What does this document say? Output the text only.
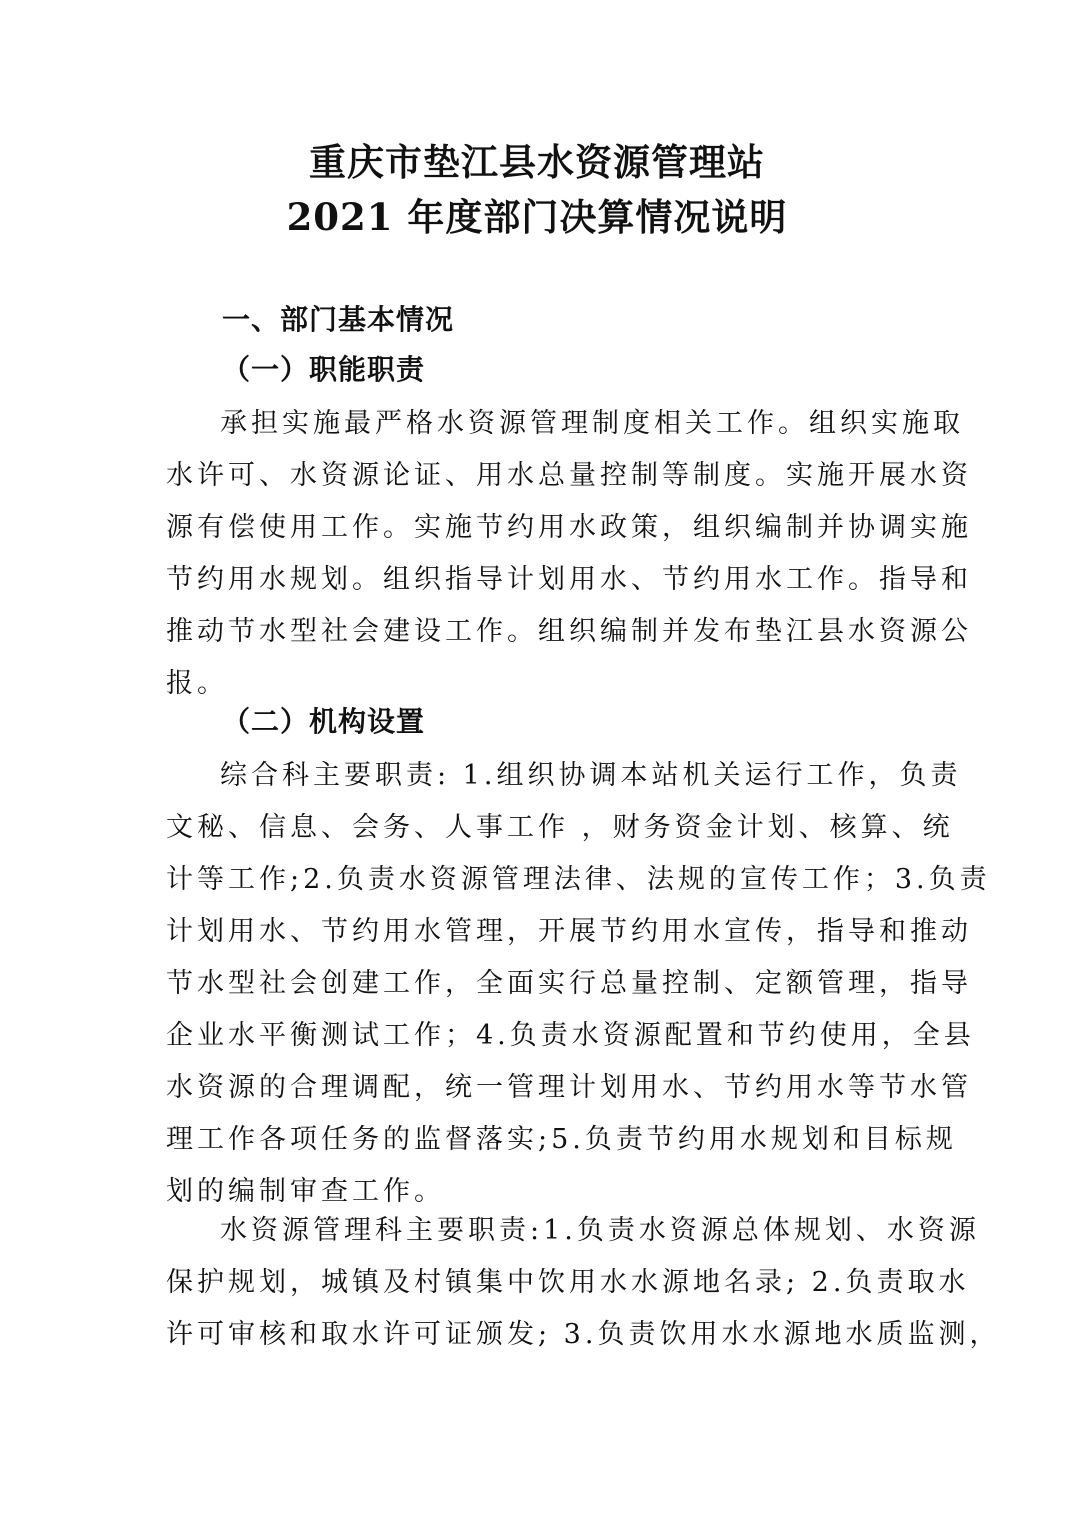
重庆市垫江县水资源管理站
2021 年度部门决算情况说明
一、部门基本情况
（一）职能职责
承担实施最严格水资源管理制度相关工作。组织实施取
水许可、水资源论证、用水总量控制等制度。实施开展水资
源有偿使用工作。实施节约用水政策，组织编制并协调实施
节约用水规划。组织指导计划用水、节约用水工作。指导和
推动节水型社会建设工作。组织编制并发布垫江县水资源公
报。
（二）机构设置
综合科主要职责: 1.组织协调本站机关运行工作，负责
文秘、信息、会务、人事工作 ，财务资金计划、核算、统
计等工作;2.负责水资源管理法律、法规的宣传工作；3.负责
计划用水、节约用水管理，开展节约用水宣传，指导和推动
节水型社会创建工作，全面实行总量控制、定额管理，指导
企业水平衡测试工作；4.负责水资源配置和节约使用，全县
水资源的合理调配，统一管理计划用水、节约用水等节水管
理工作各项任务的监督落实;5.负责节约用水规划和目标规
划的编制审查工作。
水资源管理科主要职责:1.负责水资源总体规划、水资源
保护规划，城镇及村镇集中饮用水水源地名录; 2.负责取水
许可审核和取水许可证颁发; 3.负责饮用水水源地水质监测，
